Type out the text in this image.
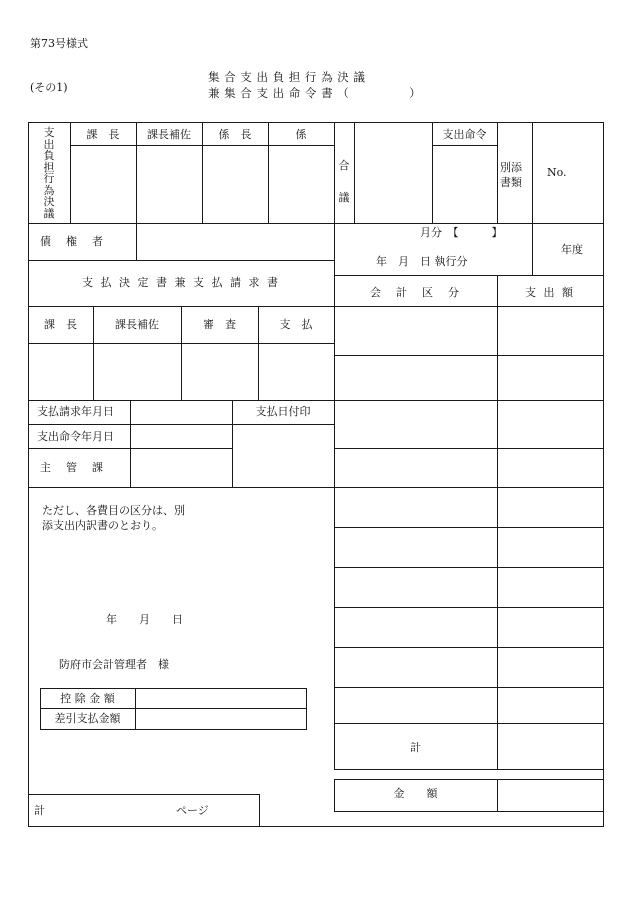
第73号様式
(その1)
集 合 支 出 負 担 行 為 決 議
兼 集 合 支 出 命 令 書 （　　　　　）
支出負担行為決議
課　長	課長補佐	係　長	係
合
議
支出命令
別添書類
No.
債　権　者
月分　【　　　】
年　月　日 執行分
年度
支 払 決 定 書 兼 支 払 請 求 書
会　計　区　分	支 出 額
課　長	課長補佐	審　査	支　払
計
金　　額
支払請求年月日
支出命令年月日
主　管　課
支払日付印
ただし、各費目の区分は、別
添支出内訳書のとおり。
年　　月　　日
防府市会計管理者　様
控 除 金 額
差引支払金額
計	ページ
